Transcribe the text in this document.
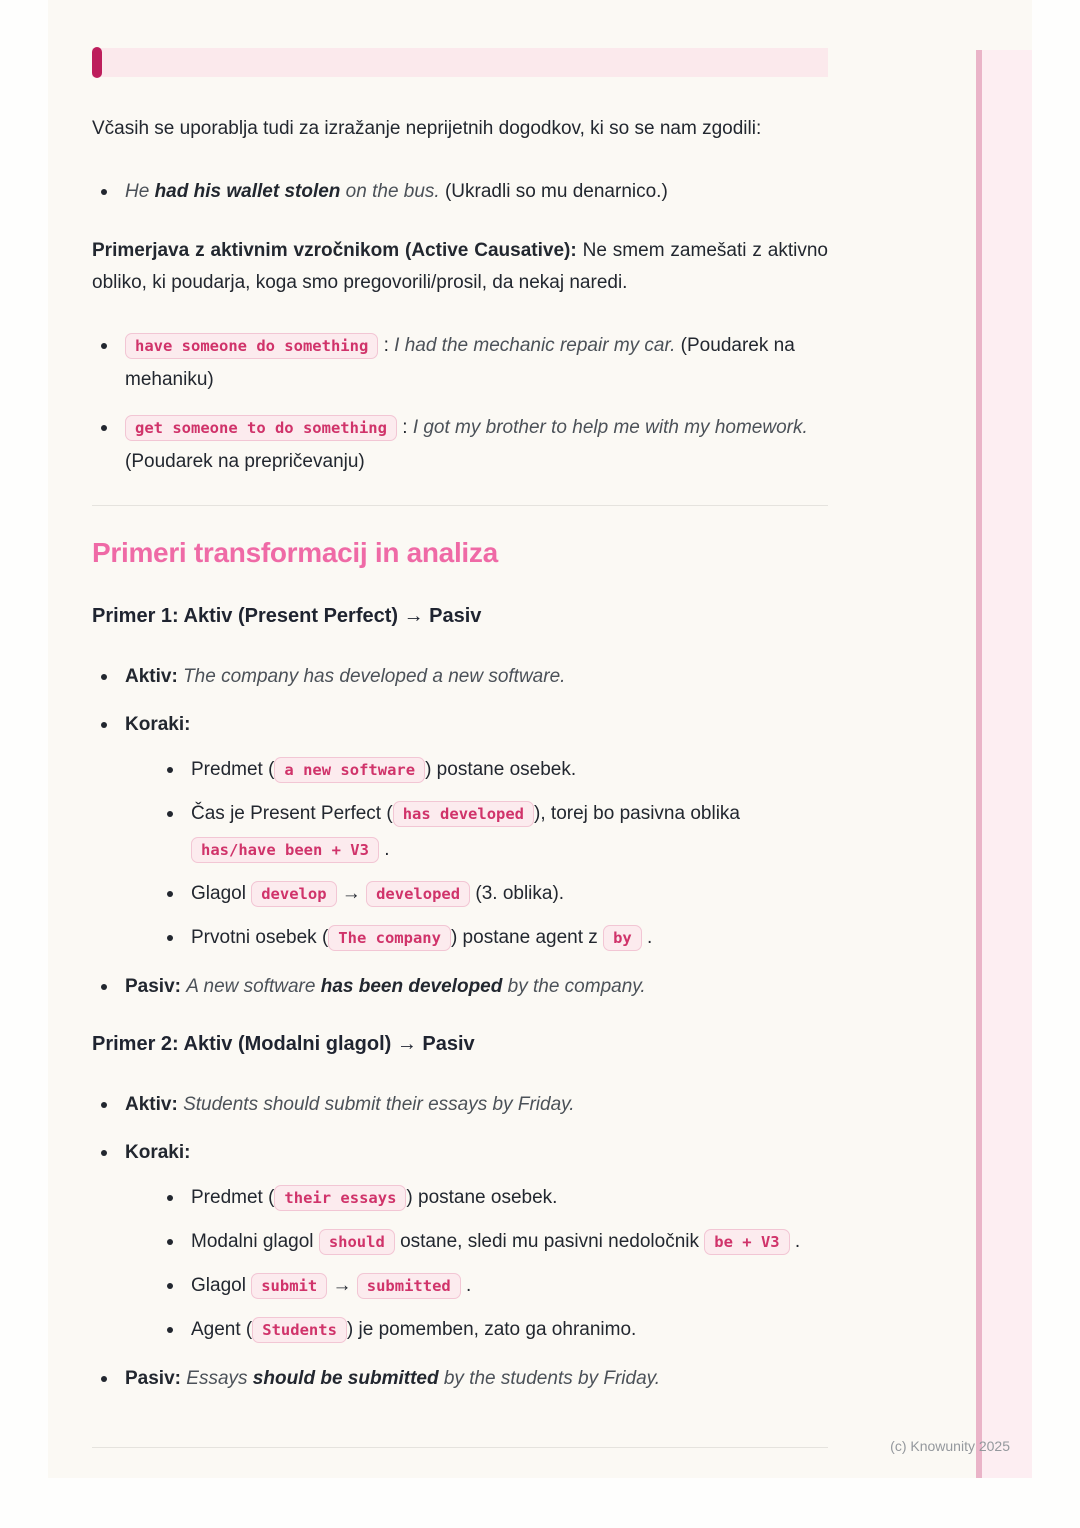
Včasih se uporablja tudi za izražanje neprijetnih dogodkov, ki so se nam zgodili:

He had his wallet stolen on the bus. (Ukradli so mu denarnico.)

Primerjava z aktivnim vzročnikom (Active Causative): Ne smem zamešati z aktivno obliko, ki poudarja, koga smo pregovorili/prosil, da nekaj naredi.

have someone do something : I had the mechanic repair my car. (Poudarek na mehaniku)
get someone to do something : I got my brother to help me with my homework. (Poudarek na prepričevanju)
Primeri transformacij in analiza
Primer 1: Aktiv (Present Perfect) → Pasiv
Aktiv: The company has developed a new software.
Koraki:
Predmet ( a new software ) postane osebek.
Čas je Present Perfect ( has developed ), torej bo pasivna oblika has/have been + V3 .
Glagol develop → developed (3. oblika).
Prvotni osebek ( The company ) postane agent z by .
Pasiv: A new software has been developed by the company.
Primer 2: Aktiv (Modalni glagol) → Pasiv
Aktiv: Students should submit their essays by Friday.
Koraki:
Predmet ( their essays ) postane osebek.
Modalni glagol should ostane, sledi mu pasivni nedoločnik be + V3 .
Glagol submit → submitted .
Agent ( Students ) je pomemben, zato ga ohranimo.
Pasiv: Essays should be submitted by the students by Friday.
(c) Knowunity 2025
